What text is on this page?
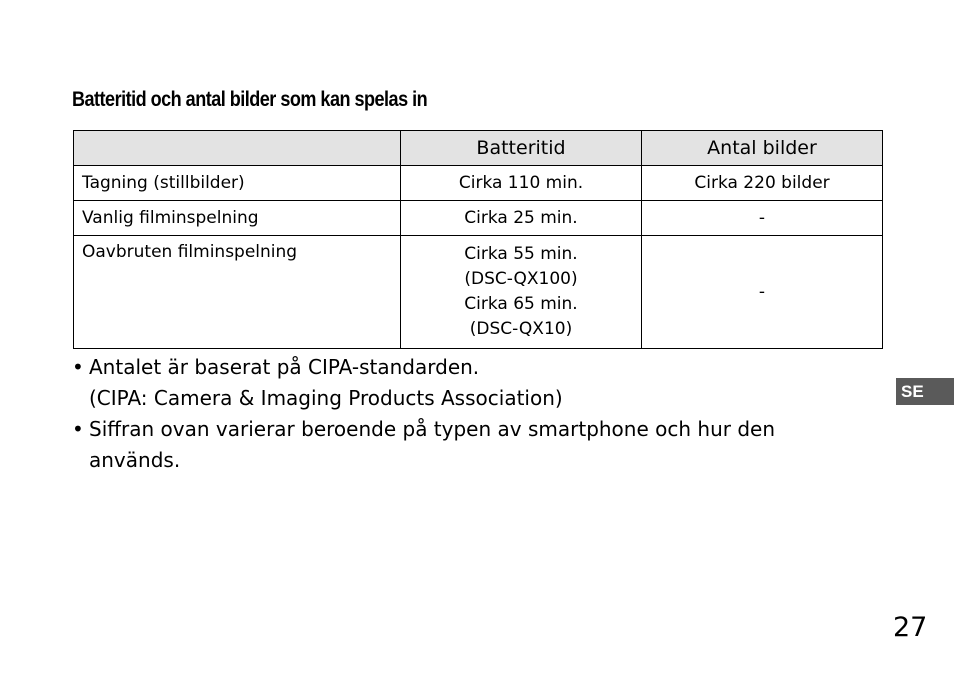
Batteritid och antal bilder som kan spelas in
	Batteritid	Antal bilder
Tagning (stillbilder)	Cirka 110 min.	Cirka 220 bilder
Vanlig filminspelning	Cirka 25 min.	-
Oavbruten filminspelning	Cirka 55 min.
(DSC-QX100)
Cirka 65 min.
(DSC-QX10)	-
• Antalet är baserat på CIPA-standarden.
(CIPA: Camera & Imaging Products Association)
• Siffran ovan varierar beroende på typen av smartphone och hur den
används.
SE
27
